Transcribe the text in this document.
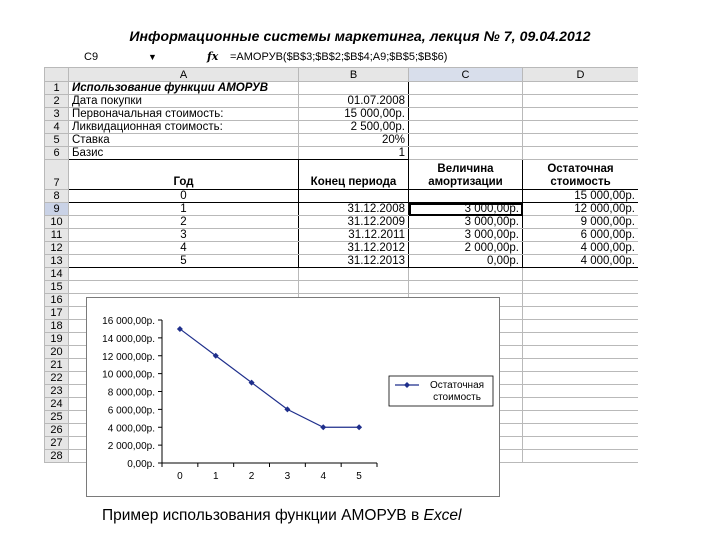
Информационные системы маркетинга, лекция № 7, 09.04.2012
C9	▼	fx =АМОРУВ($B$3;$B$2;$B$4;A9;$B$5;$B$6)
	A	B	C	D
1	Использование функции АМОРУВ			
2	Дата покупки	01.07.2008		
3	Первоначальная стоимость:	15 000,00р.		
4	Ликвидационная стоимость:	2 500,00р.		
5	Ставка	20%		
6	Базис	1		
7	Год	Конец периода	Величина амортизации	Остаточная стоимость
8	0			15 000,00р.
9	1	31.12.2008	3 000,00р.	12 000,00р.
10	2	31.12.2009	3 000,00р.	9 000,00р.
11	3	31.12.2011	3 000,00р.	6 000,00р.
12	4	31.12.2012	2 000,00р.	4 000,00р.
13	5	31.12.2013	0,00р.	4 000,00р.
14				
15				
16				
17				
18				
19				
20				
21				
22				
23				
24				
25				
26				
27				
28				
0,00р.
2 000,00р.
4 000,00р.
6 000,00р.
8 000,00р.
10 000,00р.
12 000,00р.
14 000,00р.
16 000,00р.
0	1	2	3	4	5
Остаточная
стоимость
Пример использования функции АМОРУВ в Excel
